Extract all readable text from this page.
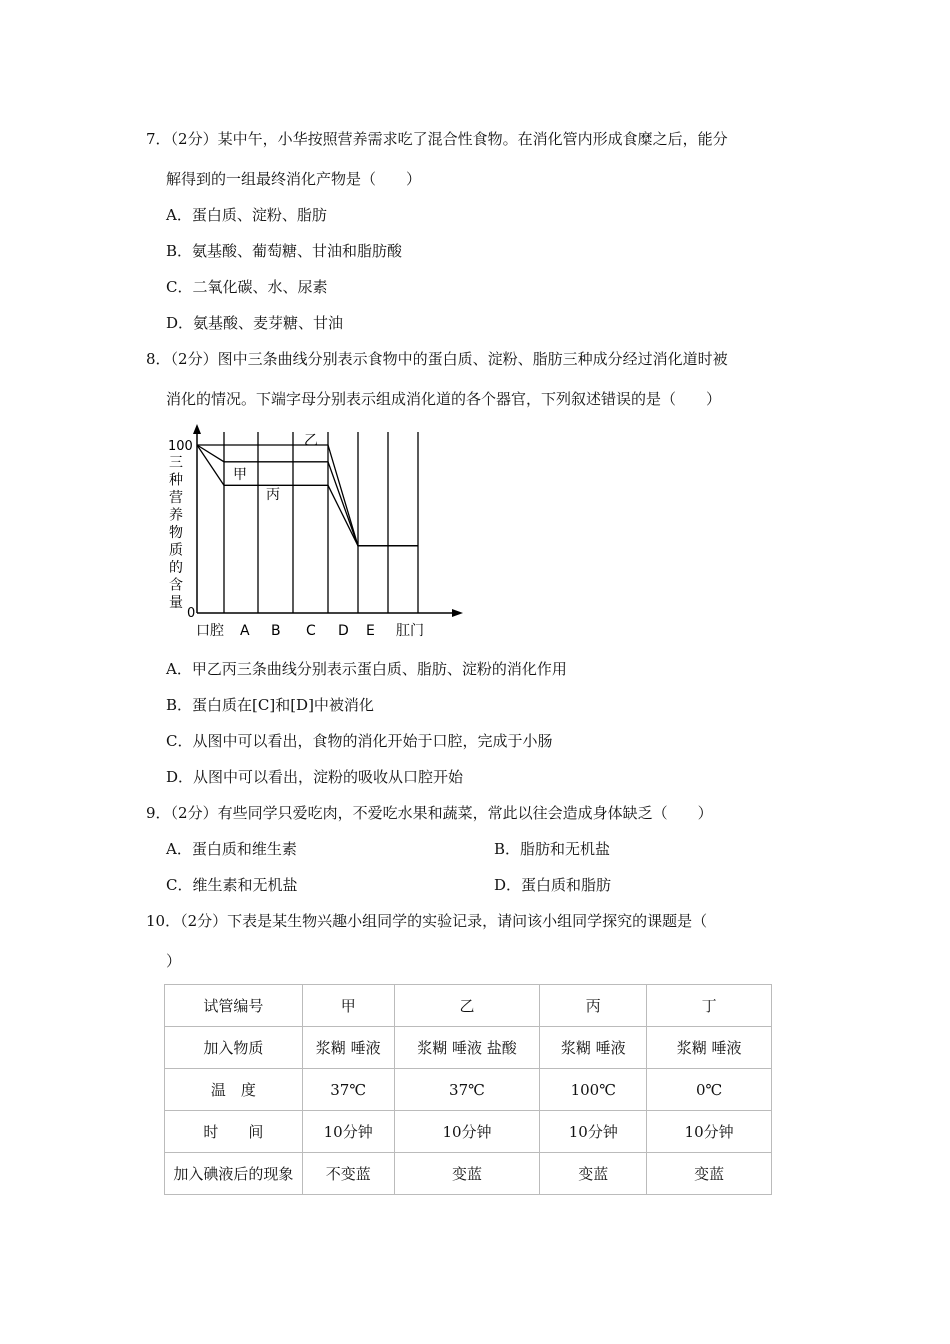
7．（2分）某中午，小华按照营养需求吃了混合性食物。在消化管内形成食糜之后，能分
解得到的一组最终消化产物是（　　）
A．蛋白质、淀粉、脂肪
B．氨基酸、葡萄糖、甘油和脂肪酸
C．二氧化碳、水、尿素
D．氨基酸、麦芽糖、甘油
8．（2分）图中三条曲线分别表示食物中的蛋白质、淀粉、脂肪三种成分经过消化道时被
消化的情况。下端字母分别表示组成消化道的各个器官，下列叙述错误的是（　　）
100
0
三
种
营
养
物
质
的
含
量
口腔 A B C D E 肛门
甲
乙
丙
A．甲乙丙三条曲线分别表示蛋白质、脂肪、淀粉的消化作用
B．蛋白质在[C]和[D]中被消化
C．从图中可以看出，食物的消化开始于口腔，完成于小肠
D．从图中可以看出，淀粉的吸收从口腔开始
9．（2分）有些同学只爱吃肉，不爱吃水果和蔬菜，常此以往会造成身体缺乏（　　）
A．蛋白质和维生素	B．脂肪和无机盐
C．维生素和无机盐	D．蛋白质和脂肪
10．（2分）下表是某生物兴趣小组同学的实验记录，请问该小组同学探究的课题是（
）
试管编号	甲	乙	丙	丁
加入物质	浆糊 唾液	浆糊 唾液 盐酸	浆糊 唾液	浆糊 唾液
温　度	37℃	37℃	100℃	0℃
时　　间	10分钟	10分钟	10分钟	10分钟
加入碘液后的现象	不变蓝	变蓝	变蓝	变蓝
